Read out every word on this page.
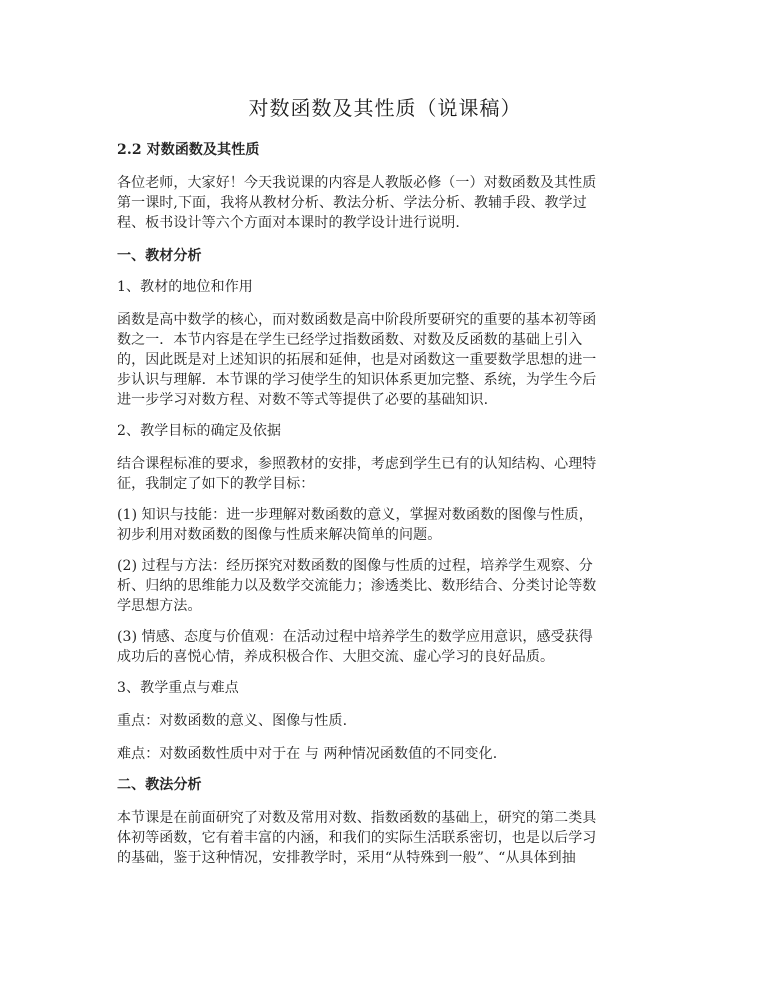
对数函数及其性质（说课稿）
2.2 对数函数及其性质
各位老师，大家好！今天我说课的内容是人教版必修（一）对数函数及其性质
第一课时,下面，我将从教材分析、教法分析、学法分析、教辅手段、教学过
程、板书设计等六个方面对本课时的教学设计进行说明.
一、教材分析
1、教材的地位和作用
函数是高中数学的核心，而对数函数是高中阶段所要研究的重要的基本初等函
数之一．本节内容是在学生已经学过指数函数、对数及反函数的基础上引入
的，因此既是对上述知识的拓展和延伸，也是对函数这一重要数学思想的进一
步认识与理解．本节课的学习使学生的知识体系更加完整、系统，为学生今后
进一步学习对数方程、对数不等式等提供了必要的基础知识.
2、教学目标的确定及依据
结合课程标准的要求，参照教材的安排，考虑到学生已有的认知结构、心理特
征，我制定了如下的教学目标：
(1) 知识与技能：进一步理解对数函数的意义，掌握对数函数的图像与性质，
初步利用对数函数的图像与性质来解决简单的问题。
(2) 过程与方法：经历探究对数函数的图像与性质的过程，培养学生观察、分
析、归纳的思维能力以及数学交流能力；渗透类比、数形结合、分类讨论等数
学思想方法。
(3) 情感、态度与价值观：在活动过程中培养学生的数学应用意识，感受获得
成功后的喜悦心情，养成积极合作、大胆交流、虚心学习的良好品质。
3、教学重点与难点
重点：对数函数的意义、图像与性质.
难点：对数函数性质中对于在 与 两种情况函数值的不同变化.
二、教法分析
本节课是在前面研究了对数及常用对数、指数函数的基础上，研究的第二类具
体初等函数，它有着丰富的内涵，和我们的实际生活联系密切，也是以后学习
的基础，鉴于这种情况，安排教学时，采用“从特殊到一般”、“从具体到抽
